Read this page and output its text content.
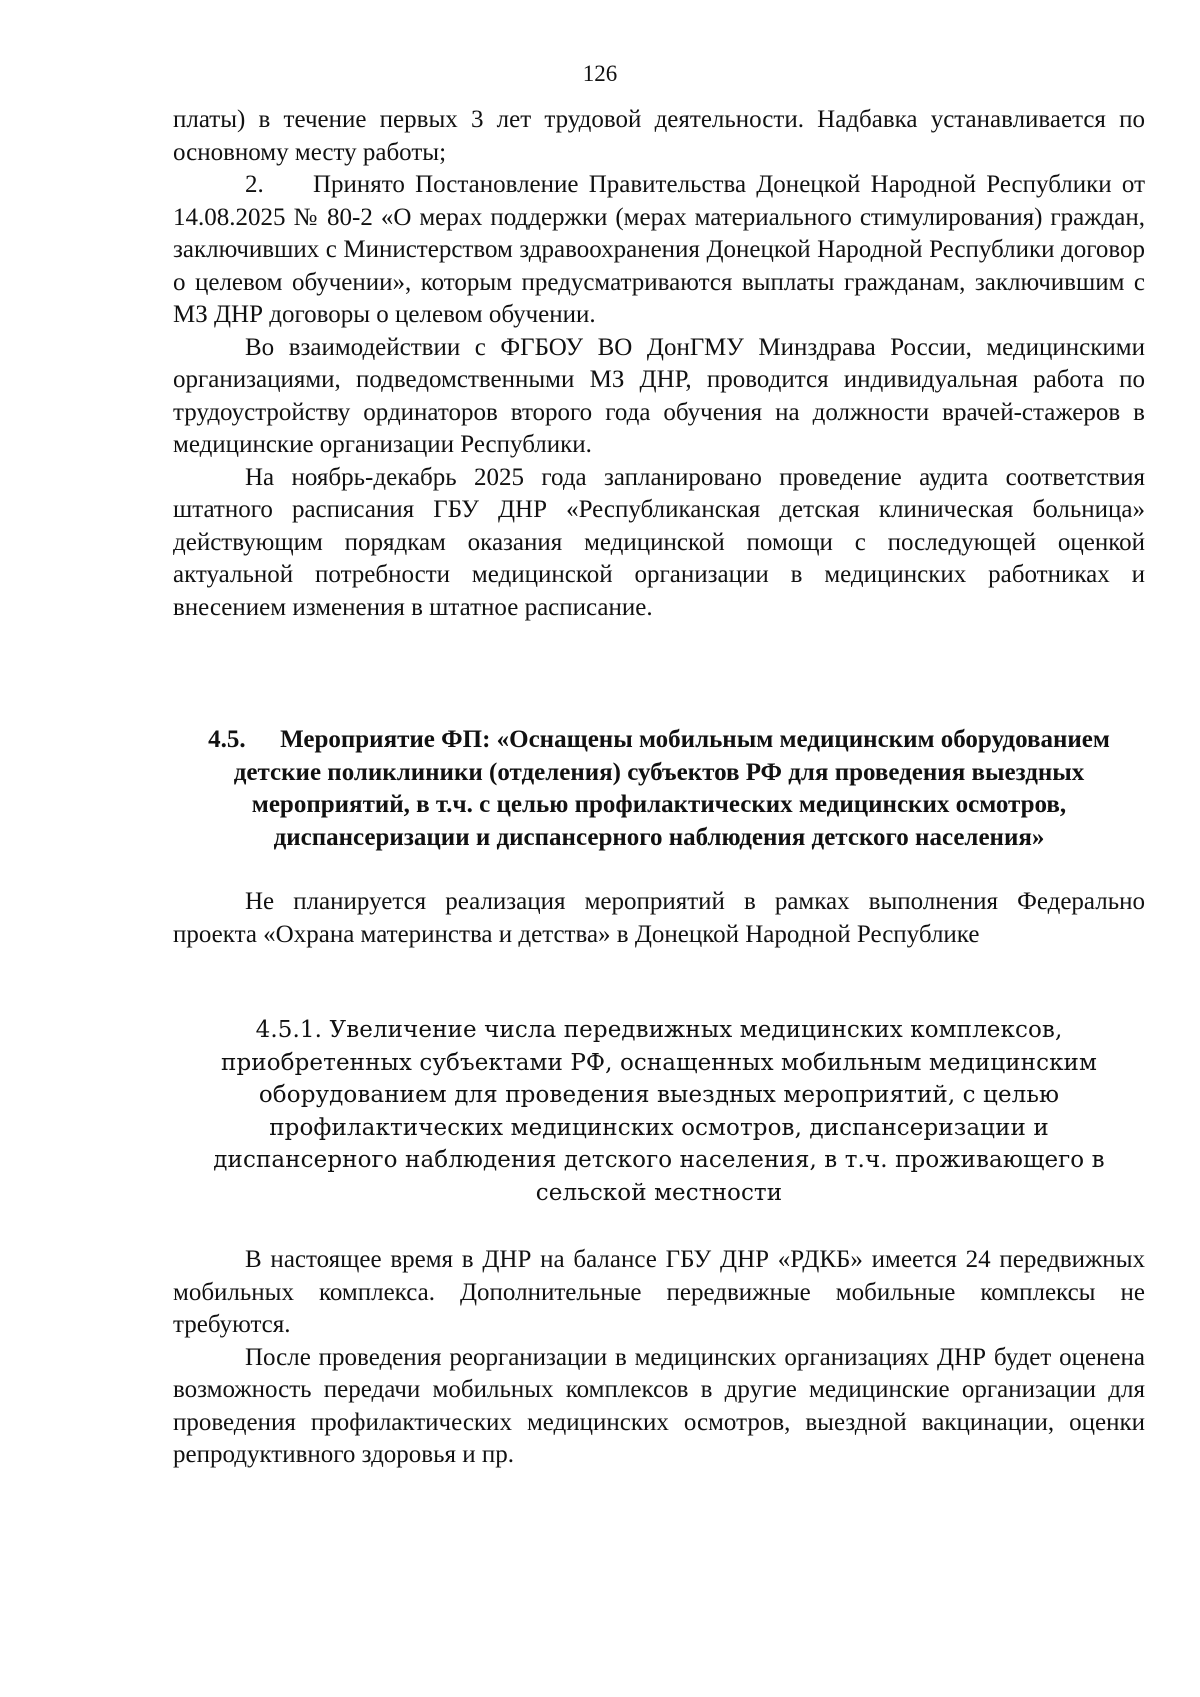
126

платы) в течение первых 3 лет трудовой деятельности. Надбавка устанавливается по основному месту работы;

2. Принято Постановление Правительства Донецкой Народной Республики от 14.08.2025 № 80-2 «О мерах поддержки (мерах материального стимулирования) граждан, заключивших с Министерством здравоохранения Донецкой Народной Республики договор о целевом обучении», которым предусматриваются выплаты гражданам, заключившим с МЗ ДНР договоры о целевом обучении.

Во взаимодействии с ФГБОУ ВО ДонГМУ Минздрава России, медицинскими организациями, подведомственными МЗ ДНР, проводится индивидуальная работа по трудоустройству ординаторов второго года обучения на должности врачей-стажеров в медицинские организации Республики.

На ноябрь-декабрь 2025 года запланировано проведение аудита соответствия штатного расписания ГБУ ДНР «Республиканская детская клиническая больница» действующим порядкам оказания медицинской помощи с последующей оценкой актуальной потребности медицинской организации в медицинских работниках и внесением изменения в штатное расписание.

4.5. Мероприятие ФП: «Оснащены мобильным медицинским оборудованием детские поликлиники (отделения) субъектов РФ для проведения выездных мероприятий, в т.ч. с целью профилактических медицинских осмотров, диспансеризации и диспансерного наблюдения детского населения»

Не планируется реализация мероприятий в рамках выполнения Федерально проекта «Охрана материнства и детства» в Донецкой Народной Республике

4.5.1. Увеличение числа передвижных медицинских комплексов,
приобретенных субъектами РФ, оснащенных мобильным медицинским
оборудованием для проведения выездных мероприятий, с целью
профилактических медицинских осмотров, диспансеризации и
диспансерного наблюдения детского населения, в т.ч. проживающего в
сельской местности

В настоящее время в ДНР на балансе ГБУ ДНР «РДКБ» имеется 24 передвижных мобильных комплекса. Дополнительные передвижные мобильные комплексы не требуются.

После проведения реорганизации в медицинских организациях ДНР будет оценена возможность передачи мобильных комплексов в другие медицинские организации для проведения профилактических медицинских осмотров, выездной вакцинации, оценки репродуктивного здоровья и пр.
